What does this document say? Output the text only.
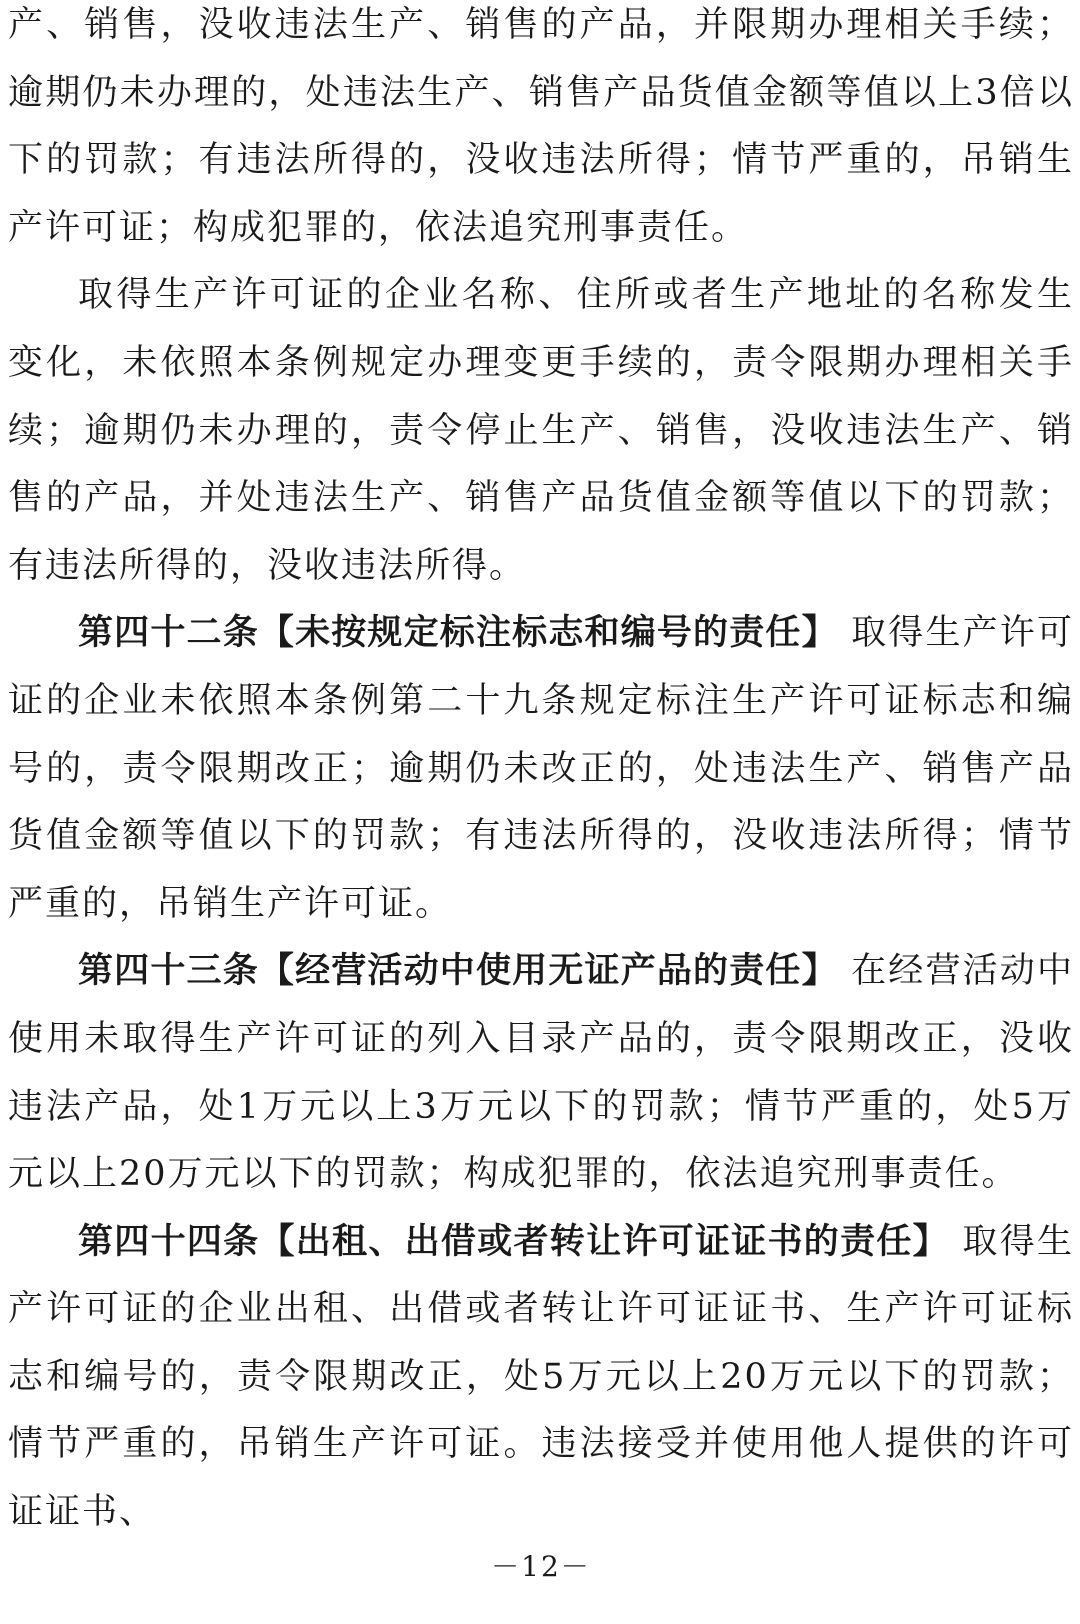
产、销售，没收违法生产、销售的产品，并限期办理相关手续；逾期仍未办理的，处违法生产、销售产品货值金额等值以上3倍以下的罚款；有违法所得的，没收违法所得；情节严重的，吊销生产许可证；构成犯罪的，依法追究刑事责任。

取得生产许可证的企业名称、住所或者生产地址的名称发生变化，未依照本条例规定办理变更手续的，责令限期办理相关手续；逾期仍未办理的，责令停止生产、销售，没收违法生产、销售的产品，并处违法生产、销售产品货值金额等值以下的罚款；有违法所得的，没收违法所得。

第四十二条【未按规定标注标志和编号的责任】 取得生产许可证的企业未依照本条例第二十九条规定标注生产许可证标志和编号的，责令限期改正；逾期仍未改正的，处违法生产、销售产品货值金额等值以下的罚款；有违法所得的，没收违法所得；情节严重的，吊销生产许可证。

第四十三条【经营活动中使用无证产品的责任】 在经营活动中使用未取得生产许可证的列入目录产品的，责令限期改正，没收违法产品，处1万元以上3万元以下的罚款；情节严重的，处5万元以上20万元以下的罚款；构成犯罪的，依法追究刑事责任。

第四十四条【出租、出借或者转让许可证证书的责任】 取得生产许可证的企业出租、出借或者转让许可证证书、生产许可证标志和编号的，责令限期改正，处5万元以上20万元以下的罚款；情节严重的，吊销生产许可证。违法接受并使用他人提供的许可证证书、

－12－
